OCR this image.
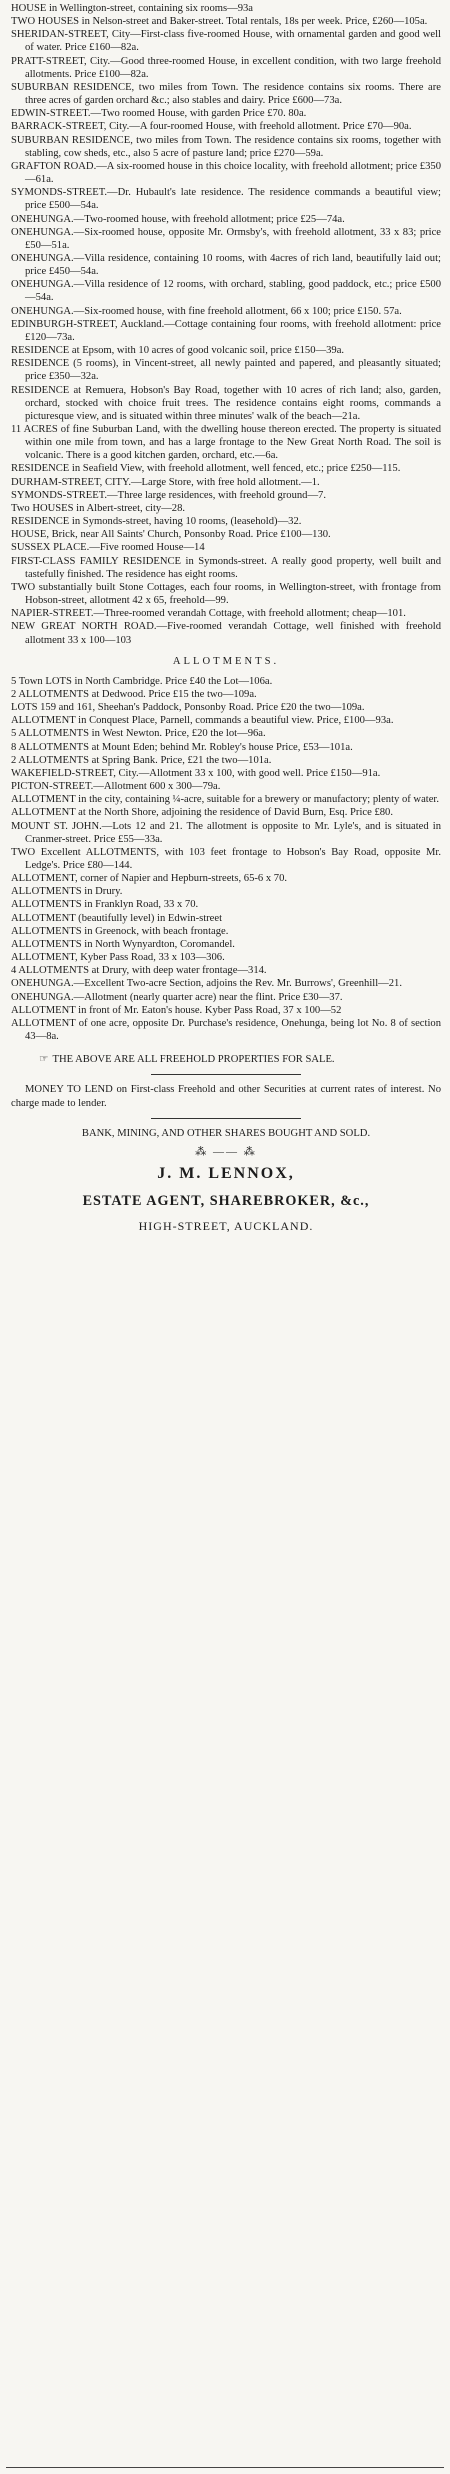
HOUSE in Wellington-street, containing six rooms—93a

TWO HOUSES in Nelson-street and Baker-street. Total rentals, 18s per week. Price, £260—105a.

SHERIDAN-STREET, City—First-class five-roomed House, with ornamental garden and good well of water. Price £160—82a.

PRATT-STREET, City.—Good three-roomed House, in excellent condition, with two large freehold allotments. Price £100—82a.

SUBURBAN RESIDENCE, two miles from Town. The residence contains six rooms. There are three acres of garden orchard &c.; also stables and dairy. Price £600—73a.

EDWIN-STREET.—Two roomed House, with garden Price £70. 80a.

BARRACK-STREET, City.—A four-roomed House, with freehold allotment. Price £70—90a.

SUBURBAN RESIDENCE, two miles from Town. The residence contains six rooms, together with stabling, cow sheds, etc., also 5 acre of pasture land; price £270—59a.

GRAFTON ROAD.—A six-roomed house in this choice locality, with freehold allotment; price £350—61a.

SYMONDS-STREET.—Dr. Hubault's late residence. The residence commands a beautiful view; price £500—54a.

ONEHUNGA.—Two-roomed house, with freehold allotment; price £25—74a.

ONEHUNGA.—Six-roomed house, opposite Mr. Ormsby's, with freehold allotment, 33 x 83; price £50—51a.

ONEHUNGA.—Villa residence, containing 10 rooms, with 4acres of rich land, beautifully laid out; price £450—54a.

ONEHUNGA.—Villa residence of 12 rooms, with orchard, stabling, good paddock, etc.; price £500—54a.

ONEHUNGA.—Six-roomed house, with fine freehold allotment, 66 x 100; price £150. 57a.

EDINBURGH-STREET, Auckland.—Cottage containing four rooms, with freehold allotment: price £120—73a.

RESIDENCE at Epsom, with 10 acres of good volcanic soil, price £150—39a.

RESIDENCE (5 rooms), in Vincent-street, all newly painted and papered, and pleasantly situated; price £350—32a.

RESIDENCE at Remuera, Hobson's Bay Road, together with 10 acres of rich land; also, garden, orchard, stocked with choice fruit trees. The residence contains eight rooms, commands a picturesque view, and is situated within three minutes' walk of the beach—21a.

11 ACRES of fine Suburban Land, with the dwelling house thereon erected. The property is situated within one mile from town, and has a large frontage to the New Great North Road. The soil is volcanic. There is a good kitchen garden, orchard, etc.—6a.

RESIDENCE in Seafield View, with freehold allotment, well fenced, etc.; price £250—115.

DURHAM-STREET, CITY.—Large Store, with free hold allotment.—1.

SYMONDS-STREET.—Three large residences, with freehold ground—7.

Two HOUSES in Albert-street, city—28.

RESIDENCE in Symonds-street, having 10 rooms, (leasehold)—32.

HOUSE, Brick, near All Saints' Church, Ponsonby Road. Price £100—130.

SUSSEX PLACE.—Five roomed House—14

FIRST-CLASS FAMILY RESIDENCE in Symonds-street. A really good property, well built and tastefully finished. The residence has eight rooms.

TWO substantially built Stone Cottages, each four rooms, in Wellington-street, with frontage from Hobson-street, allotment 42 x 65, freehold—99.

NAPIER-STREET.—Three-roomed verandah Cottage, with freehold allotment; cheap—101.

NEW GREAT NORTH ROAD.—Five-roomed verandah Cottage, well finished with freehold allotment 33 x 100—103

ALLOTMENTS.

5 Town LOTS in North Cambridge. Price £40 the Lot—106a.

2 ALLOTMENTS at Dedwood. Price £15 the two—109a.

LOTS 159 and 161, Sheehan's Paddock, Ponsonby Road. Price £20 the two—109a.

ALLOTMENT in Conquest Place, Parnell, commands a beautiful view. Price, £100—93a.

5 ALLOTMENTS in West Newton. Price, £20 the lot—96a.

8 ALLOTMENTS at Mount Eden; behind Mr. Robley's house Price, £53—101a.

2 ALLOTMENTS at Spring Bank. Price, £21 the two—101a.

WAKEFIELD-STREET, City.—Allotment 33 x 100, with good well. Price £150—91a.

PICTON-STREET.—Allotment 600 x 300—79a.

ALLOTMENT in the city, containing ¼-acre, suitable for a brewery or manufactory; plenty of water.

ALLOTMENT at the North Shore, adjoining the residence of David Burn, Esq. Price £80.

MOUNT ST. JOHN.—Lots 12 and 21. The allotment is opposite to Mr. Lyle's, and is situated in Cranmer-street. Price £55—33a.

TWO Excellent ALLOTMENTS, with 103 feet frontage to Hobson's Bay Road, opposite Mr. Ledge's. Price £80—144.

ALLOTMENT, corner of Napier and Hepburn-streets, 65-6 x 70.

ALLOTMENTS in Drury.

ALLOTMENTS in Franklyn Road, 33 x 70.

ALLOTMENT (beautifully level) in Edwin-street

ALLOTMENTS in Greenock, with beach frontage.

ALLOTMENTS in North Wynyardton, Coromandel.

ALLOTMENT, Kyber Pass Road, 33 x 103—306.

4 ALLOTMENTS at Drury, with deep water frontage—314.

ONEHUNGA.—Excellent Two-acre Section, adjoins the Rev. Mr. Burrows', Greenhill—21.

ONEHUNGA.—Allotment (nearly quarter acre) near the flint. Price £30—37.

ALLOTMENT in front of Mr. Eaton's house. Kyber Pass Road, 37 x 100—52

ALLOTMENT of one acre, opposite Dr. Purchase's residence, Onehunga, being lot No. 8 of section 43—8a.

☞ THE ABOVE ARE ALL FREEHOLD PROPERTIES FOR SALE.

MONEY TO LEND on First-class Freehold and other Securities at current rates of interest. No charge made to lender.

BANK, MINING, AND OTHER SHARES BOUGHT AND SOLD.

⁂ —— ⁂
J. M. LENNOX,
ESTATE AGENT, SHAREBROKER, &c.,
HIGH-STREET, AUCKLAND.
